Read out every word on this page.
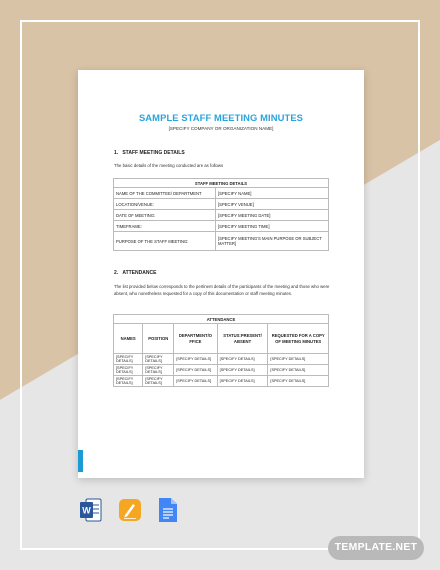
SAMPLE STAFF MEETING MINUTES
[SPECIFY COMPANY OR ORGANIZATION NAME]
1.   STAFF MEETING DETAILS
The basic details of the meeting conducted are as follows
STAFF MEETING DETAILS	
NAME OF THE COMMITTEE/ DEPARTMENT	[SPECIFY NAME]
LOCATION/VENUE:	[SPECIFY VENUE]
DATE OF MEETING:	[SPECIFY MEETING DATE]
TIMEFRAME:	[SPECIFY MEETING TIME]
PURPOSE OF THE STAFF MEETING:	[SPECIFY MEETING'S MAIN PURPOSE OR SUBJECT MATTER]
2.   ATTENDANCE
The list provided below corresponds to the pertinent details of the participants of the meeting and those who were absent, who nonetheless requested for a copy of this documentation or staff meeting minutes.
ATTENDANCE				
NAMES	POSITION	DEPARTMENT/O FFICE	STATUS:PRESENT/ ABSENT	REQUESTED FOR A COPY OF MEETING MINUTES
[SPECIFY DETAILS]	[SPECIFY DETAILS]	[SPECIFY DETAILS]	[SPECIFY DETAILS]	[SPECIFY DETAILS]
[SPECIFY DETAILS]	[SPECIFY DETAILS]	[SPECIFY DETAILS]	[SPECIFY DETAILS]	[SPECIFY DETAILS]
[SPECIFY DETAILS]	[SPECIFY DETAILS]	[SPECIFY DETAILS]	[SPECIFY DETAILS]	[SPECIFY DETAILS]
W
TEMPLATE.NET
